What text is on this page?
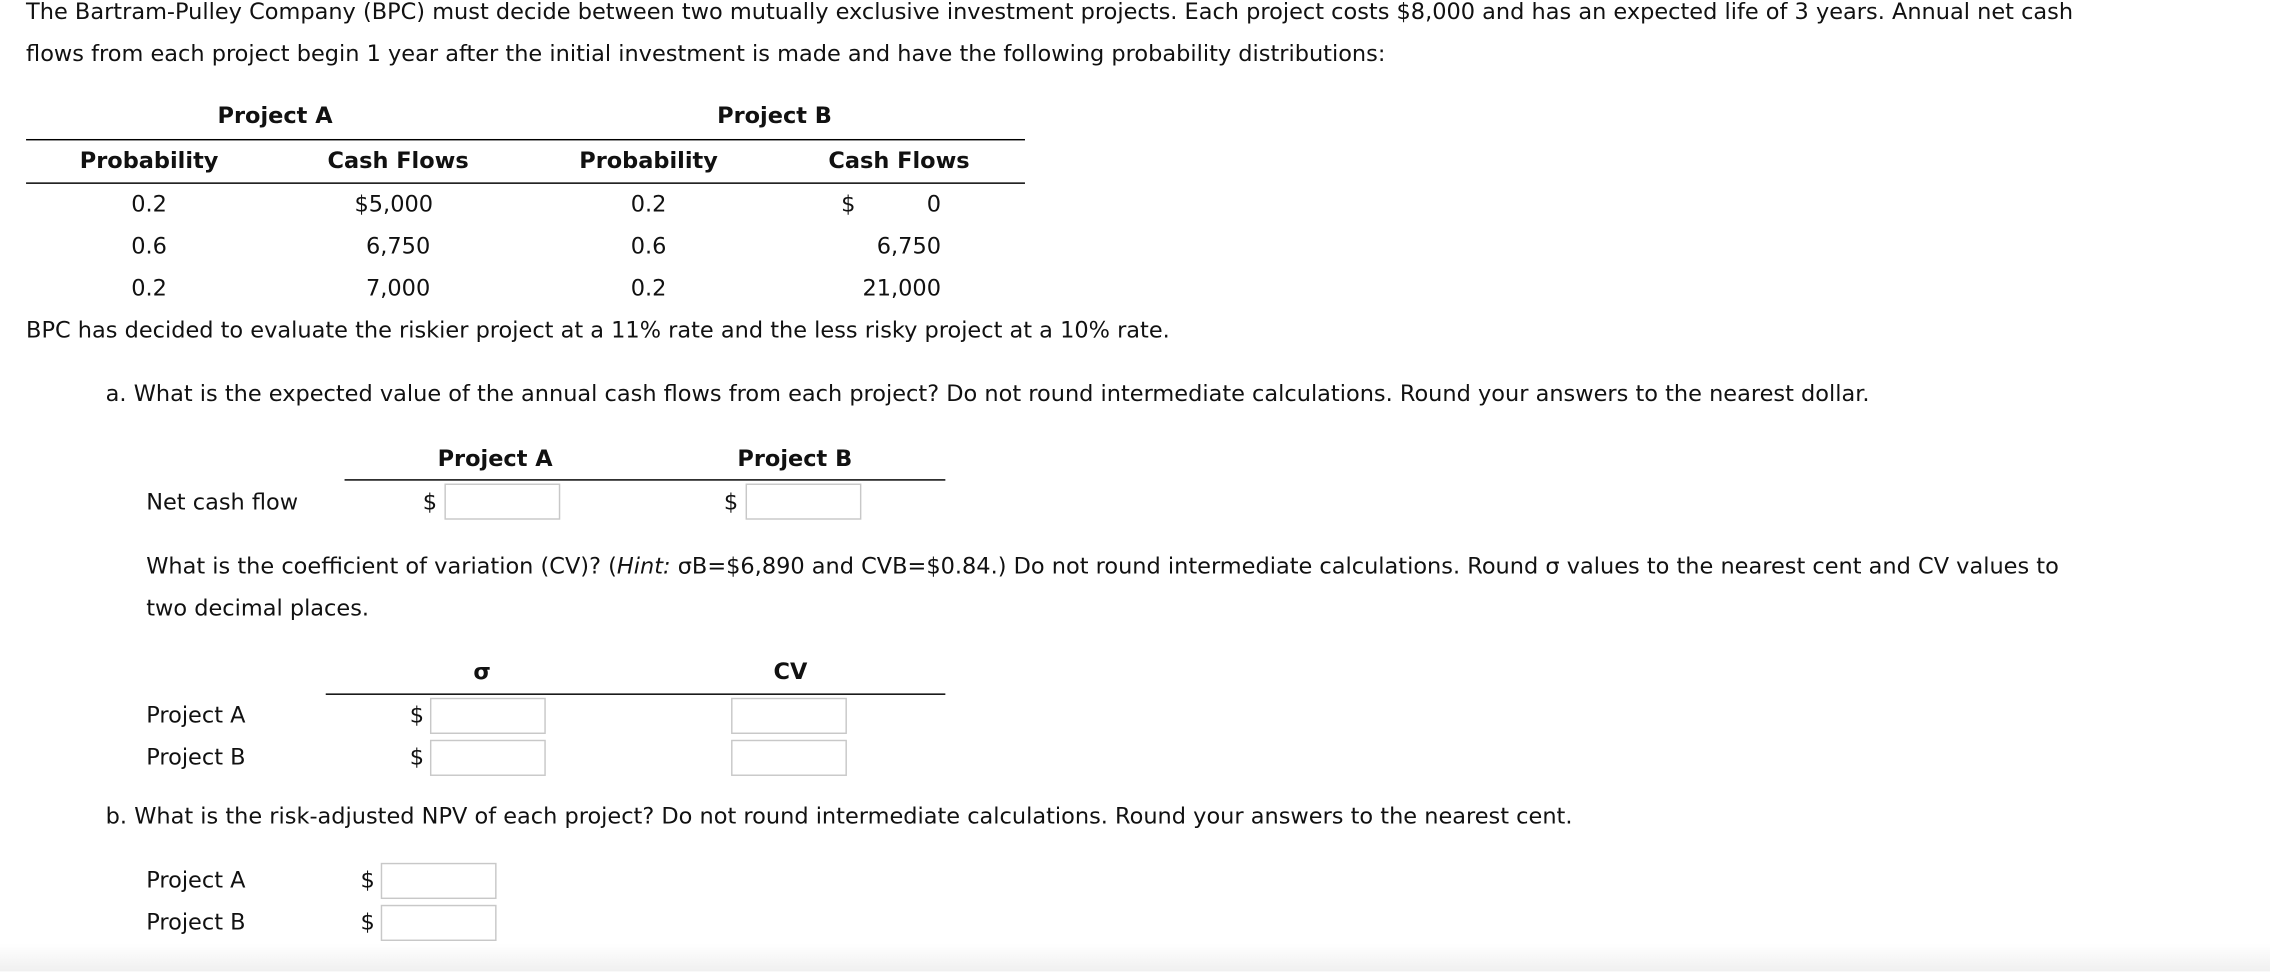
The Bartram-Pulley Company (BPC) must decide between two mutually exclusive investment projects. Each project costs $8,000 and has an expected life of 3 years. Annual net cash
flows from each project begin 1 year after the initial investment is made and have the following probability distributions:
Project A	Project B
Probability	Cash Flows	Probability	Cash Flows
0.2	$5,000	0.2	$	0
0.6	6,750	0.6	6,750
0.2	7,000	0.2	21,000
BPC has decided to evaluate the riskier project at a 11% rate and the less risky project at a 10% rate.
a. What is the expected value of the annual cash flows from each project? Do not round intermediate calculations. Round your answers to the nearest dollar.
Project A	Project B
Net cash flow	$	$
What is the coefficient of variation (CV)? (Hint: σB=$6,890 and CVB=$0.84.) Do not round intermediate calculations. Round σ values to the nearest cent and CV values to
two decimal places.
σ	CV
Project A	$
Project B	$
b. What is the risk-adjusted NPV of each project? Do not round intermediate calculations. Round your answers to the nearest cent.
Project A	$
Project B	$
